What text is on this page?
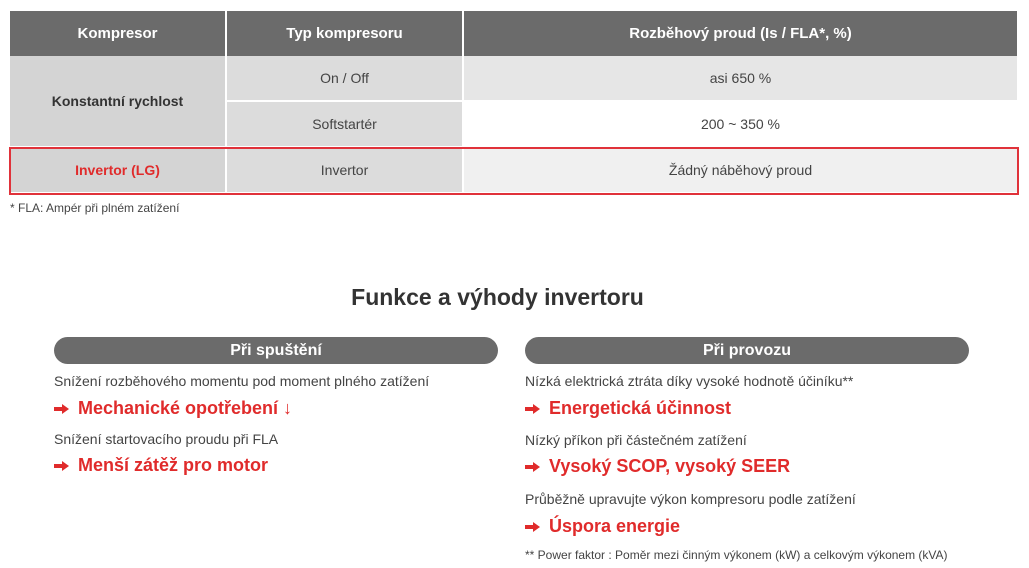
Kompresor	Typ kompresoru	Rozběhový proud (Is / FLA*, %)
Konstantní rychlost	On / Off	asi 650 %
	Softstartér	200 ~ 350 %
Invertor (LG)	Invertor	Žádný náběhový proud
* FLA: Ampér při plném zatížení
Funkce a výhody invertoru
Při spuštění	Při provozu
Snížení rozběhového momentu pod moment plného zatížení
Mechanické opotřebení ↓
Snížení startovacího proudu při FLA
Menší zátěž pro motor
Nízká elektrická ztráta díky vysoké hodnotě účiníku**
Energetická účinnost
Nízký příkon při částečném zatížení
Vysoký SCOP, vysoký SEER
Průběžně upravujte výkon kompresoru podle zatížení
Úspora energie
** Power faktor : Poměr mezi činným výkonem (kW) a celkovým výkonem (kVA)
